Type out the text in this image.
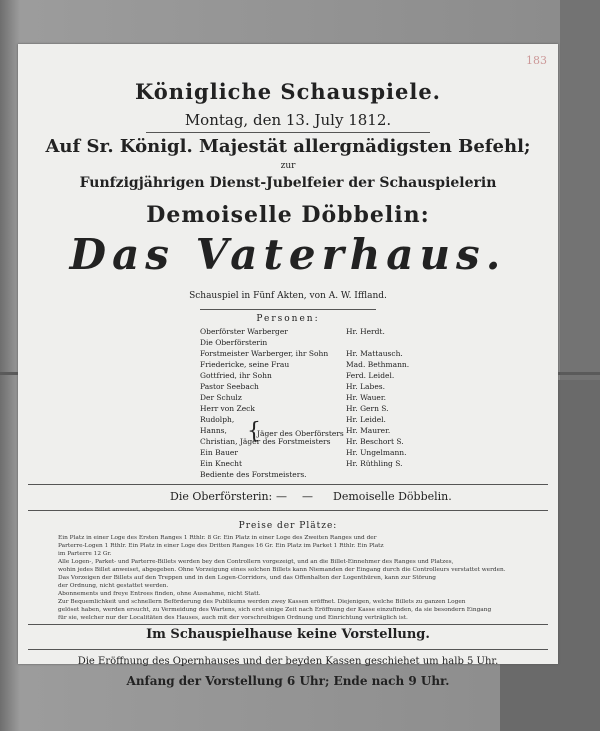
183
Königliche Schauspiele.
Montag, den 13. July 1812.
Auf Sr. Königl. Majestät allergnädigsten Befehl;
zur
Funfzigjährigen Dienst-Jubelfeier der Schauspielerin
Demoiselle Döbbelin:
Das Vaterhaus.
Schauspiel in Fünf Akten, von A. W. Iffland.
Personen:
Oberförster Warberger	Hr. Herdt.
Die Oberförsterin
Forstmeister Warberger, ihr Sohn Hr. Mattausch.
Friedericke, seine Frau	Mad. Bethmann.
Gottfried, ihr Sohn	Ferd. Leidel.
Pastor Seebach	Hr. Labes.
Der Schulz	Hr. Wauer.
Herr von Zeck	Hr. Gern S.
Rudolph,	Hr. Leidel.
Hanns,	Hr. Maurer.
{
Jäger des Oberförsters
Christian, Jäger des Forstmeisters Hr. Beschort S.
Ein Bauer	Hr. Ungelmann.
Ein Knecht	Hr. Rüthling S.
Bediente des Forstmeisters.
Die Oberförsterin: — — Demoiselle Döbbelin.
Preise der Plätze:
Ein Platz in einer Loge des Ersten Ranges 1 Rthlr. 8 Gr. Ein Platz in einer Loge des Zweiten Ranges und der
Parterre-Logen 1 Rthlr. Ein Platz in einer Loge des Dritten Ranges 16 Gr. Ein Platz im Parket 1 Rthlr. Ein Platz
im Parterre 12 Gr.
Alle Logen-, Parket- und Parterre-Billets werden bey den Controllern vorgezeigt, und an die Billet-Einnehmer des Ranges und Platzes,
wohin jedes Billet anweiset, abgegeben. Ohne Vorzeigung eines solchen Billets kann Niemanden der Eingang durch die Controlleurs verstattet werden.
Das Vorzeigen der Billets auf den Treppen und in den Logen-Corridors, und das Offenhalten der Logenthüren, kann zur Störung
der Ordnung, nicht gestattet werden.
Abonnements und freye Entrees finden, ohne Ausnahme, nicht Statt.
Zur Bequemlichkeit und schnellern Beförderung des Publikums werden zwey Kassen eröffnet. Diejenigen, welche Billets zu ganzen Logen
gelöset haben, werden ersucht, zu Vermeidung des Wartens, sich erst einige Zeit nach Eröffnung der Kasse einzufinden, da sie besondern Eingang
für sie, welcher nur der Localitäten des Hauses, auch mit der vorschreibigen Ordnung und Einrichtung verträglich ist.
Im Schauspielhause keine Vorstellung.
Die Eröffnung des Opernhauses und der beyden Kassen geschiehet um halb 5 Uhr.
Anfang der Vorstellung 6 Uhr; Ende nach 9 Uhr.
